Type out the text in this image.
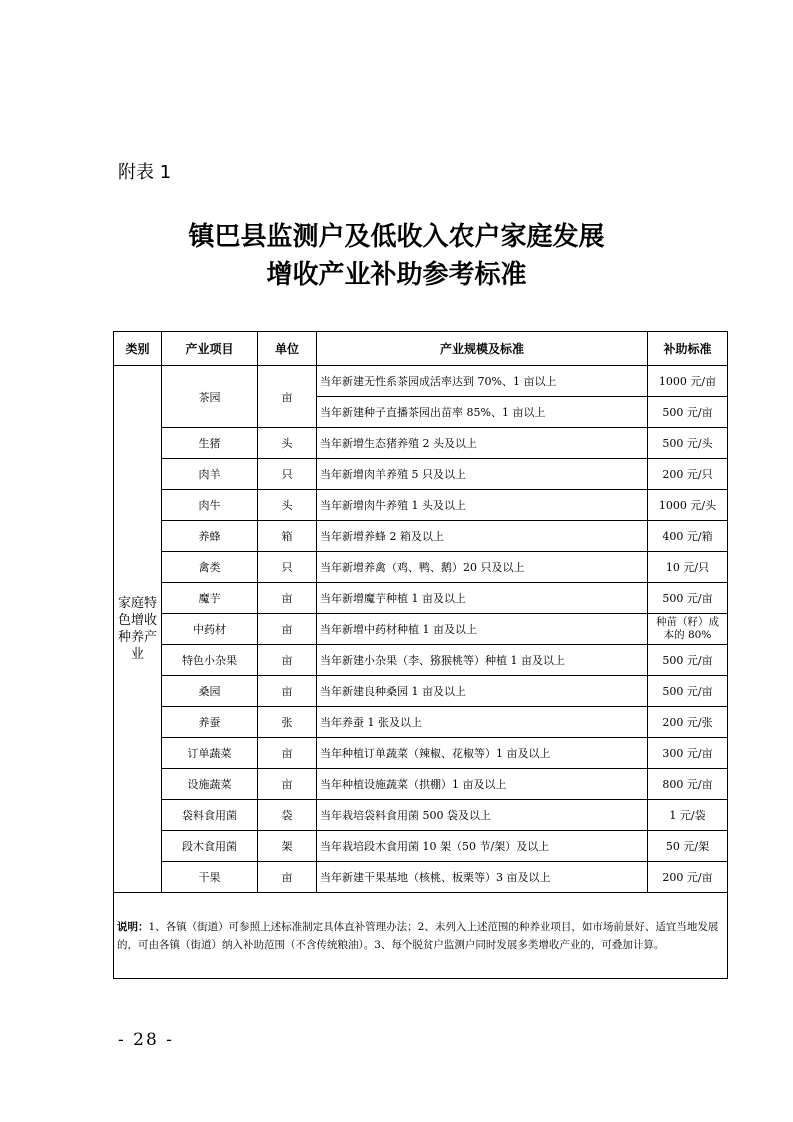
附表 1
镇巴县监测户及低收入农户家庭发展
增收产业补助参考标准
类别	产业项目	单位	产业规模及标准	补助标准
家庭特色增收种养产业	茶园	亩	当年新建无性系茶园成活率达到 70%、1 亩以上	1000 元/亩
			当年新建种子直播茶园出苗率 85%、1 亩以上	500 元/亩
	生猪	头	当年新增生态猪养殖 2 头及以上	500 元/头
	肉羊	只	当年新增肉羊养殖 5 只及以上	200 元/只
	肉牛	头	当年新增肉牛养殖 1 头及以上	1000 元/头
	养蜂	箱	当年新增养蜂 2 箱及以上	400 元/箱
	禽类	只	当年新增养禽（鸡、鸭、鹅）20 只及以上	10 元/只
	魔芋	亩	当年新增魔芋种植 1 亩及以上	500 元/亩
	中药材	亩	当年新增中药材种植 1 亩及以上	种苗（籽）成本的 80%
	特色小杂果	亩	当年新建小杂果（李、猕猴桃等）种植 1 亩及以上	500 元/亩
	桑园	亩	当年新建良种桑园 1 亩及以上	500 元/亩
	养蚕	张	当年养蚕 1 张及以上	200 元/张
	订单蔬菜	亩	当年种植订单蔬菜（辣椒、花椒等）1 亩及以上	300 元/亩
	设施蔬菜	亩	当年种植设施蔬菜（拱棚）1 亩及以上	800 元/亩
	袋料食用菌	袋	当年栽培袋料食用菌 500 袋及以上	1 元/袋
	段木食用菌	架	当年栽培段木食用菌 10 架（50 节/架）及以上	50 元/架
	干果	亩	当年新建干果基地（核桃、板栗等）3 亩及以上	200 元/亩
说明：1、各镇（街道）可参照上述标准制定具体直补管理办法；2、未列入上述范围的种养业项目，如市场前景好、适宜当地发展的，可由各镇（街道）纳入补助范围（不含传统粮油）。3、每个脱贫户监测户同时发展多类增收产业的，可叠加计算。				
- 28 -
